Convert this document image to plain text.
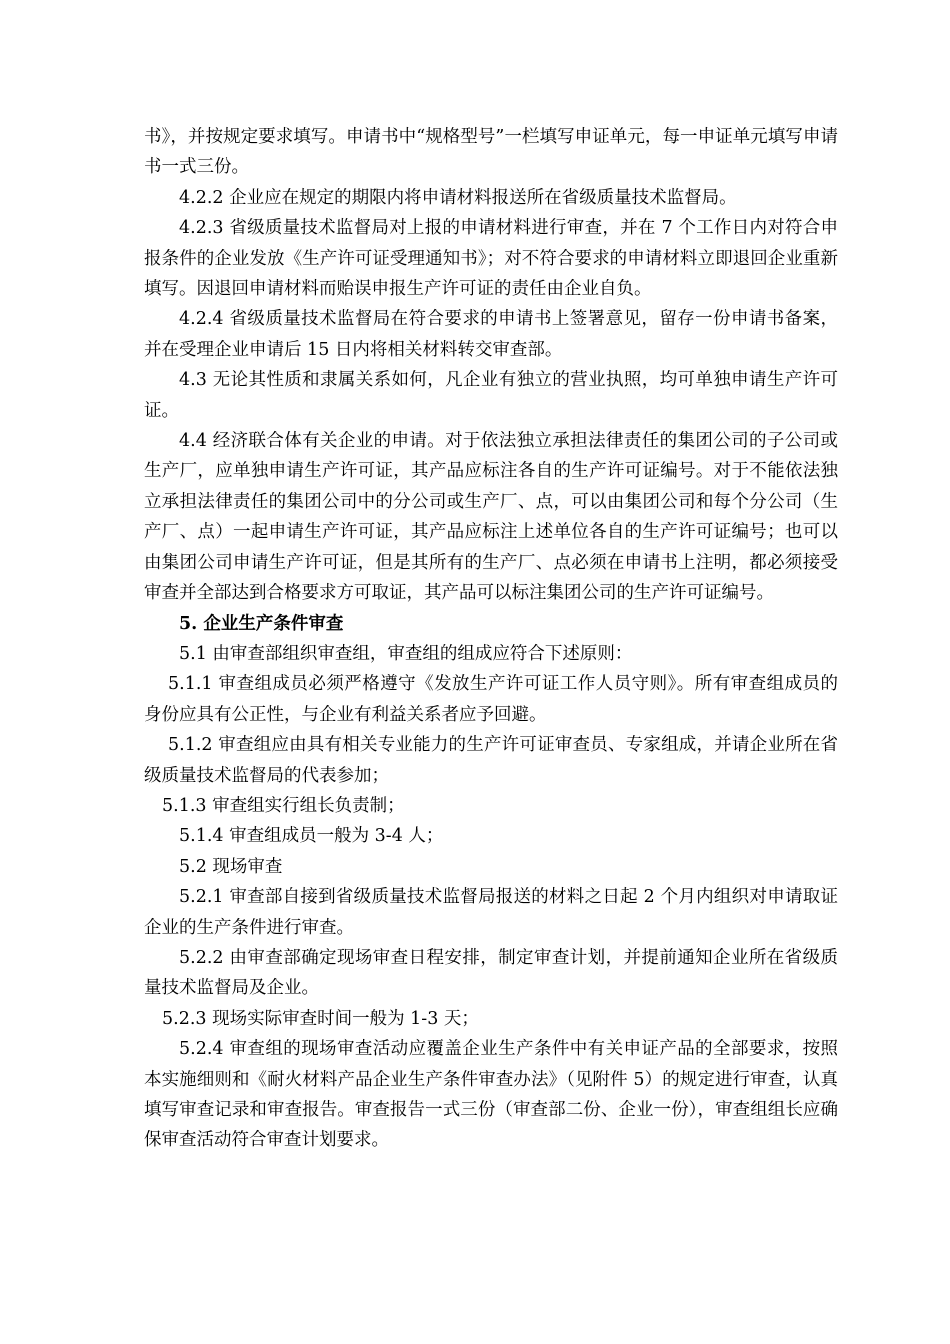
书》，并按规定要求填写。申请书中“规格型号”一栏填写申证单元，每一申证单元填写申请书一式三份。

4.2.2 企业应在规定的期限内将申请材料报送所在省级质量技术监督局。

4.2.3 省级质量技术监督局对上报的申请材料进行审查，并在 7 个工作日内对符合申报条件的企业发放《生产许可证受理通知书》；对不符合要求的申请材料立即退回企业重新填写。因退回申请材料而贻误申报生产许可证的责任由企业自负。

4.2.4 省级质量技术监督局在符合要求的申请书上签署意见，留存一份申请书备案，并在受理企业申请后 15 日内将相关材料转交审查部。

4.3 无论其性质和隶属关系如何，凡企业有独立的营业执照，均可单独申请生产许可证。

4.4 经济联合体有关企业的申请。对于依法独立承担法律责任的集团公司的子公司或生产厂，应单独申请生产许可证，其产品应标注各自的生产许可证编号。对于不能依法独立承担法律责任的集团公司中的分公司或生产厂、点，可以由集团公司和每个分公司（生产厂、点）一起申请生产许可证，其产品应标注上述单位各自的生产许可证编号；也可以由集团公司申请生产许可证，但是其所有的生产厂、点必须在申请书上注明，都必须接受审查并全部达到合格要求方可取证，其产品可以标注集团公司的生产许可证编号。

5. 企业生产条件审查

5.1 由审查部组织审查组，审查组的组成应符合下述原则：

5.1.1 审查组成员必须严格遵守《发放生产许可证工作人员守则》。所有审查组成员的身份应具有公正性，与企业有利益关系者应予回避。

5.1.2 审查组应由具有相关专业能力的生产许可证审查员、专家组成，并请企业所在省级质量技术监督局的代表参加；

5.1.3 审查组实行组长负责制；

5.1.4 审查组成员一般为 3-4 人；

5.2 现场审查

5.2.1 审查部自接到省级质量技术监督局报送的材料之日起 2 个月内组织对申请取证企业的生产条件进行审查。

5.2.2 由审查部确定现场审查日程安排，制定审查计划，并提前通知企业所在省级质量技术监督局及企业。

5.2.3 现场实际审查时间一般为 1-3 天；

5.2.4 审查组的现场审查活动应覆盖企业生产条件中有关申证产品的全部要求，按照本实施细则和《耐火材料产品企业生产条件审查办法》（见附件 5）的规定进行审查，认真填写审查记录和审查报告。审查报告一式三份（审查部二份、企业一份），审查组组长应确保审查活动符合审查计划要求。
